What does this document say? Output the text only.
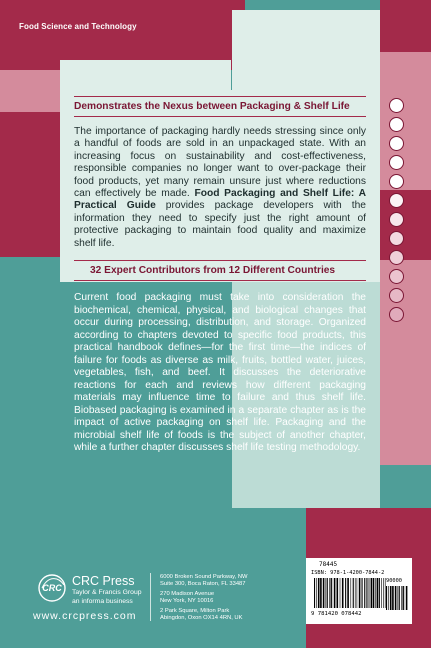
Food Science and Technology
Demonstrates the Nexus between Packaging & Shelf Life

The importance of packaging hardly needs stressing since only a handful of foods are sold in an unpackaged state. With an increasing focus on sustainability and cost-effectiveness, responsible companies no longer want to over-package their food products, yet many remain unsure just where reductions can effectively be made. Food Packaging and Shelf Life: A Practical Guide provides package developers with the information they need to specify just the right amount of protective packaging to maintain food quality and maximize shelf life.

32 Expert Contributors from 12 Different Countries

Current food packaging must take into consideration the biochemical, chemical, physical, and biological changes that occur during processing, distribution, and storage. Organized according to chapters devoted to specific food products, this practical handbook defines—for the first time—the indices of failure for foods as diverse as milk, fruits, bottled water, juices, vegetables, fish, and beef. It discusses the deteriorative reactions for each and reviews how different packaging materials may influence time to failure and thus shelf life. Biobased packaging is examined in a separate chapter as is the impact of active packaging on shelf life. Packaging and the microbial shelf life of foods is the subject of another chapter, while a further chapter discusses shelf life testing methodology.

CRC CRC Press
Taylor & Francis Group
an informa business
www.crcpress.com
6000 Broken Sound Parkway, NW
Suite 300, Boca Raton, FL 33487
270 Madison Avenue
New York, NY 10016
2 Park Square, Milton Park
Abingdon, Oxon OX14 4RN, UK
78445
ISBN: 978-1-4200-7844-2
90000
9 781420 078442
